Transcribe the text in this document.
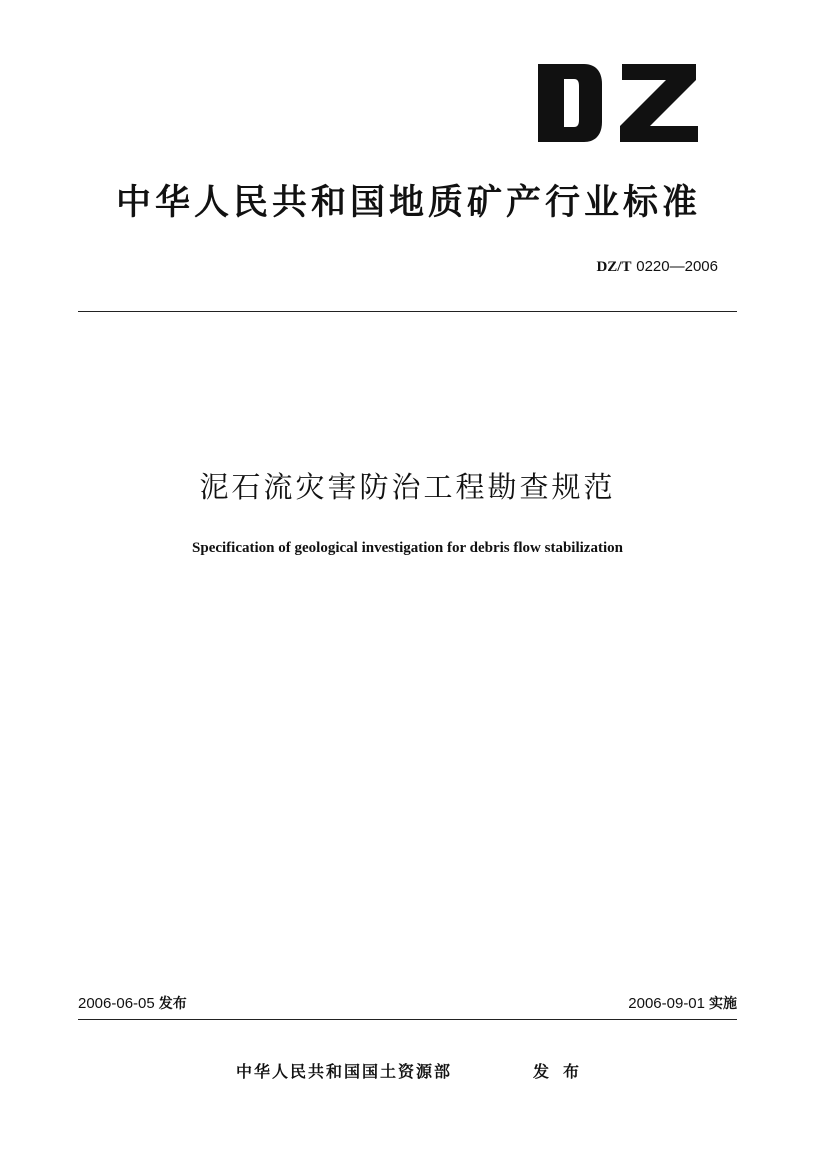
中华人民共和国地质矿产行业标准
DZ/T 0220—2006
泥石流灾害防治工程勘查规范
Specification of geological investigation for debris flow stabilization
2006-06-05 发布	2006-09-01 实施
中华人民共和国国土资源部	发布
